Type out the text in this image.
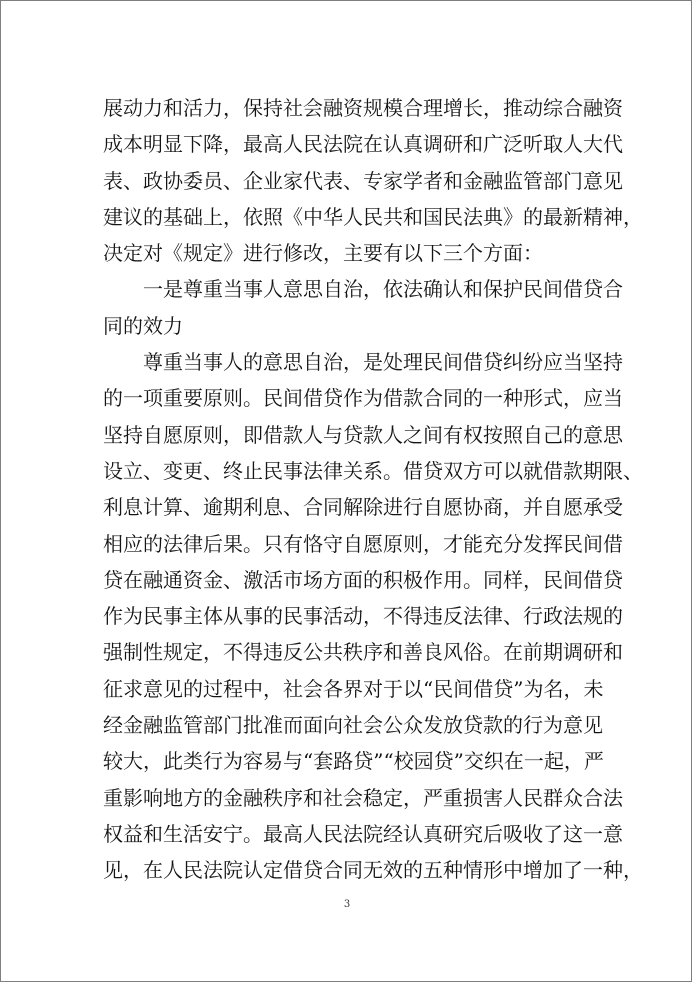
展动力和活力，保持社会融资规模合理增长，推动综合融资
成本明显下降，最高人民法院在认真调研和广泛听取人大代
表、政协委员、企业家代表、专家学者和金融监管部门意见
建议的基础上，依照《中华人民共和国民法典》的最新精神，
决定对《规定》进行修改，主要有以下三个方面：
一是尊重当事人意思自治，依法确认和保护民间借贷合
同的效力
尊重当事人的意思自治，是处理民间借贷纠纷应当坚持
的一项重要原则。民间借贷作为借款合同的一种形式，应当
坚持自愿原则，即借款人与贷款人之间有权按照自己的意思
设立、变更、终止民事法律关系。借贷双方可以就借款期限、
利息计算、逾期利息、合同解除进行自愿协商，并自愿承受
相应的法律后果。只有恪守自愿原则，才能充分发挥民间借
贷在融通资金、激活市场方面的积极作用。同样，民间借贷
作为民事主体从事的民事活动，不得违反法律、行政法规的
强制性规定，不得违反公共秩序和善良风俗。在前期调研和
征求意见的过程中，社会各界对于以“民间借贷”为名，未
经金融监管部门批准而面向社会公众发放贷款的行为意见
较大，此类行为容易与“套路贷”“校园贷”交织在一起，严
重影响地方的金融秩序和社会稳定，严重损害人民群众合法
权益和生活安宁。最高人民法院经认真研究后吸收了这一意
见，在人民法院认定借贷合同无效的五种情形中增加了一种，
3
